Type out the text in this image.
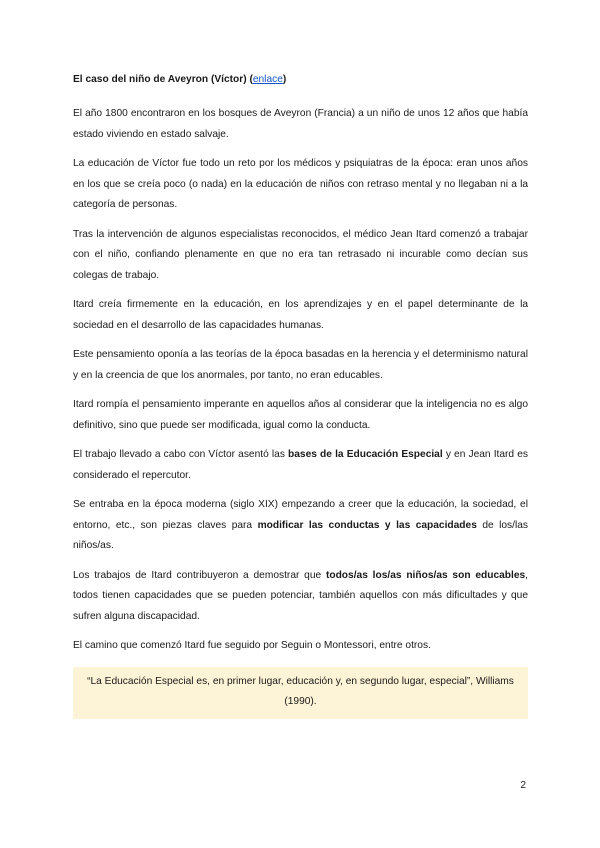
El caso del niño de Aveyron (Víctor) (enlace)

El año 1800 encontraron en los bosques de Aveyron (Francia) a un niño de unos 12 años que había estado viviendo en estado salvaje.

La educación de Víctor fue todo un reto por los médicos y psiquiatras de la época: eran unos años en los que se creía poco (o nada) en la educación de niños con retraso mental y no llegaban ni a la categoría de personas.

Tras la intervención de algunos especialistas reconocidos, el médico Jean Itard comenzó a trabajar con el niño, confiando plenamente en que no era tan retrasado ni incurable como decían sus colegas de trabajo.

Itard creía firmemente en la educación, en los aprendizajes y en el papel determinante de la sociedad en el desarrollo de las capacidades humanas.

Este pensamiento oponía a las teorías de la época basadas en la herencia y el determinismo natural y en la creencia de que los anormales, por tanto, no eran educables.

Itard rompía el pensamiento imperante en aquellos años al considerar que la inteligencia no es algo definitivo, sino que puede ser modificada, igual como la conducta.

El trabajo llevado a cabo con Víctor asentó las bases de la Educación Especial y en Jean Itard es considerado el repercutor.

Se entraba en la época moderna (siglo XIX) empezando a creer que la educación, la sociedad, el entorno, etc., son piezas claves para modificar las conductas y las capacidades de los/las niños/as.

Los trabajos de Itard contribuyeron a demostrar que todos/as los/as niños/as son educables, todos tienen capacidades que se pueden potenciar, también aquellos con más dificultades y que sufren alguna discapacidad.

El camino que comenzó Itard fue seguido por Seguin o Montessori, entre otros.

“La Educación Especial es, en primer lugar, educación y, en segundo lugar, especial”, Williams (1990).
2
